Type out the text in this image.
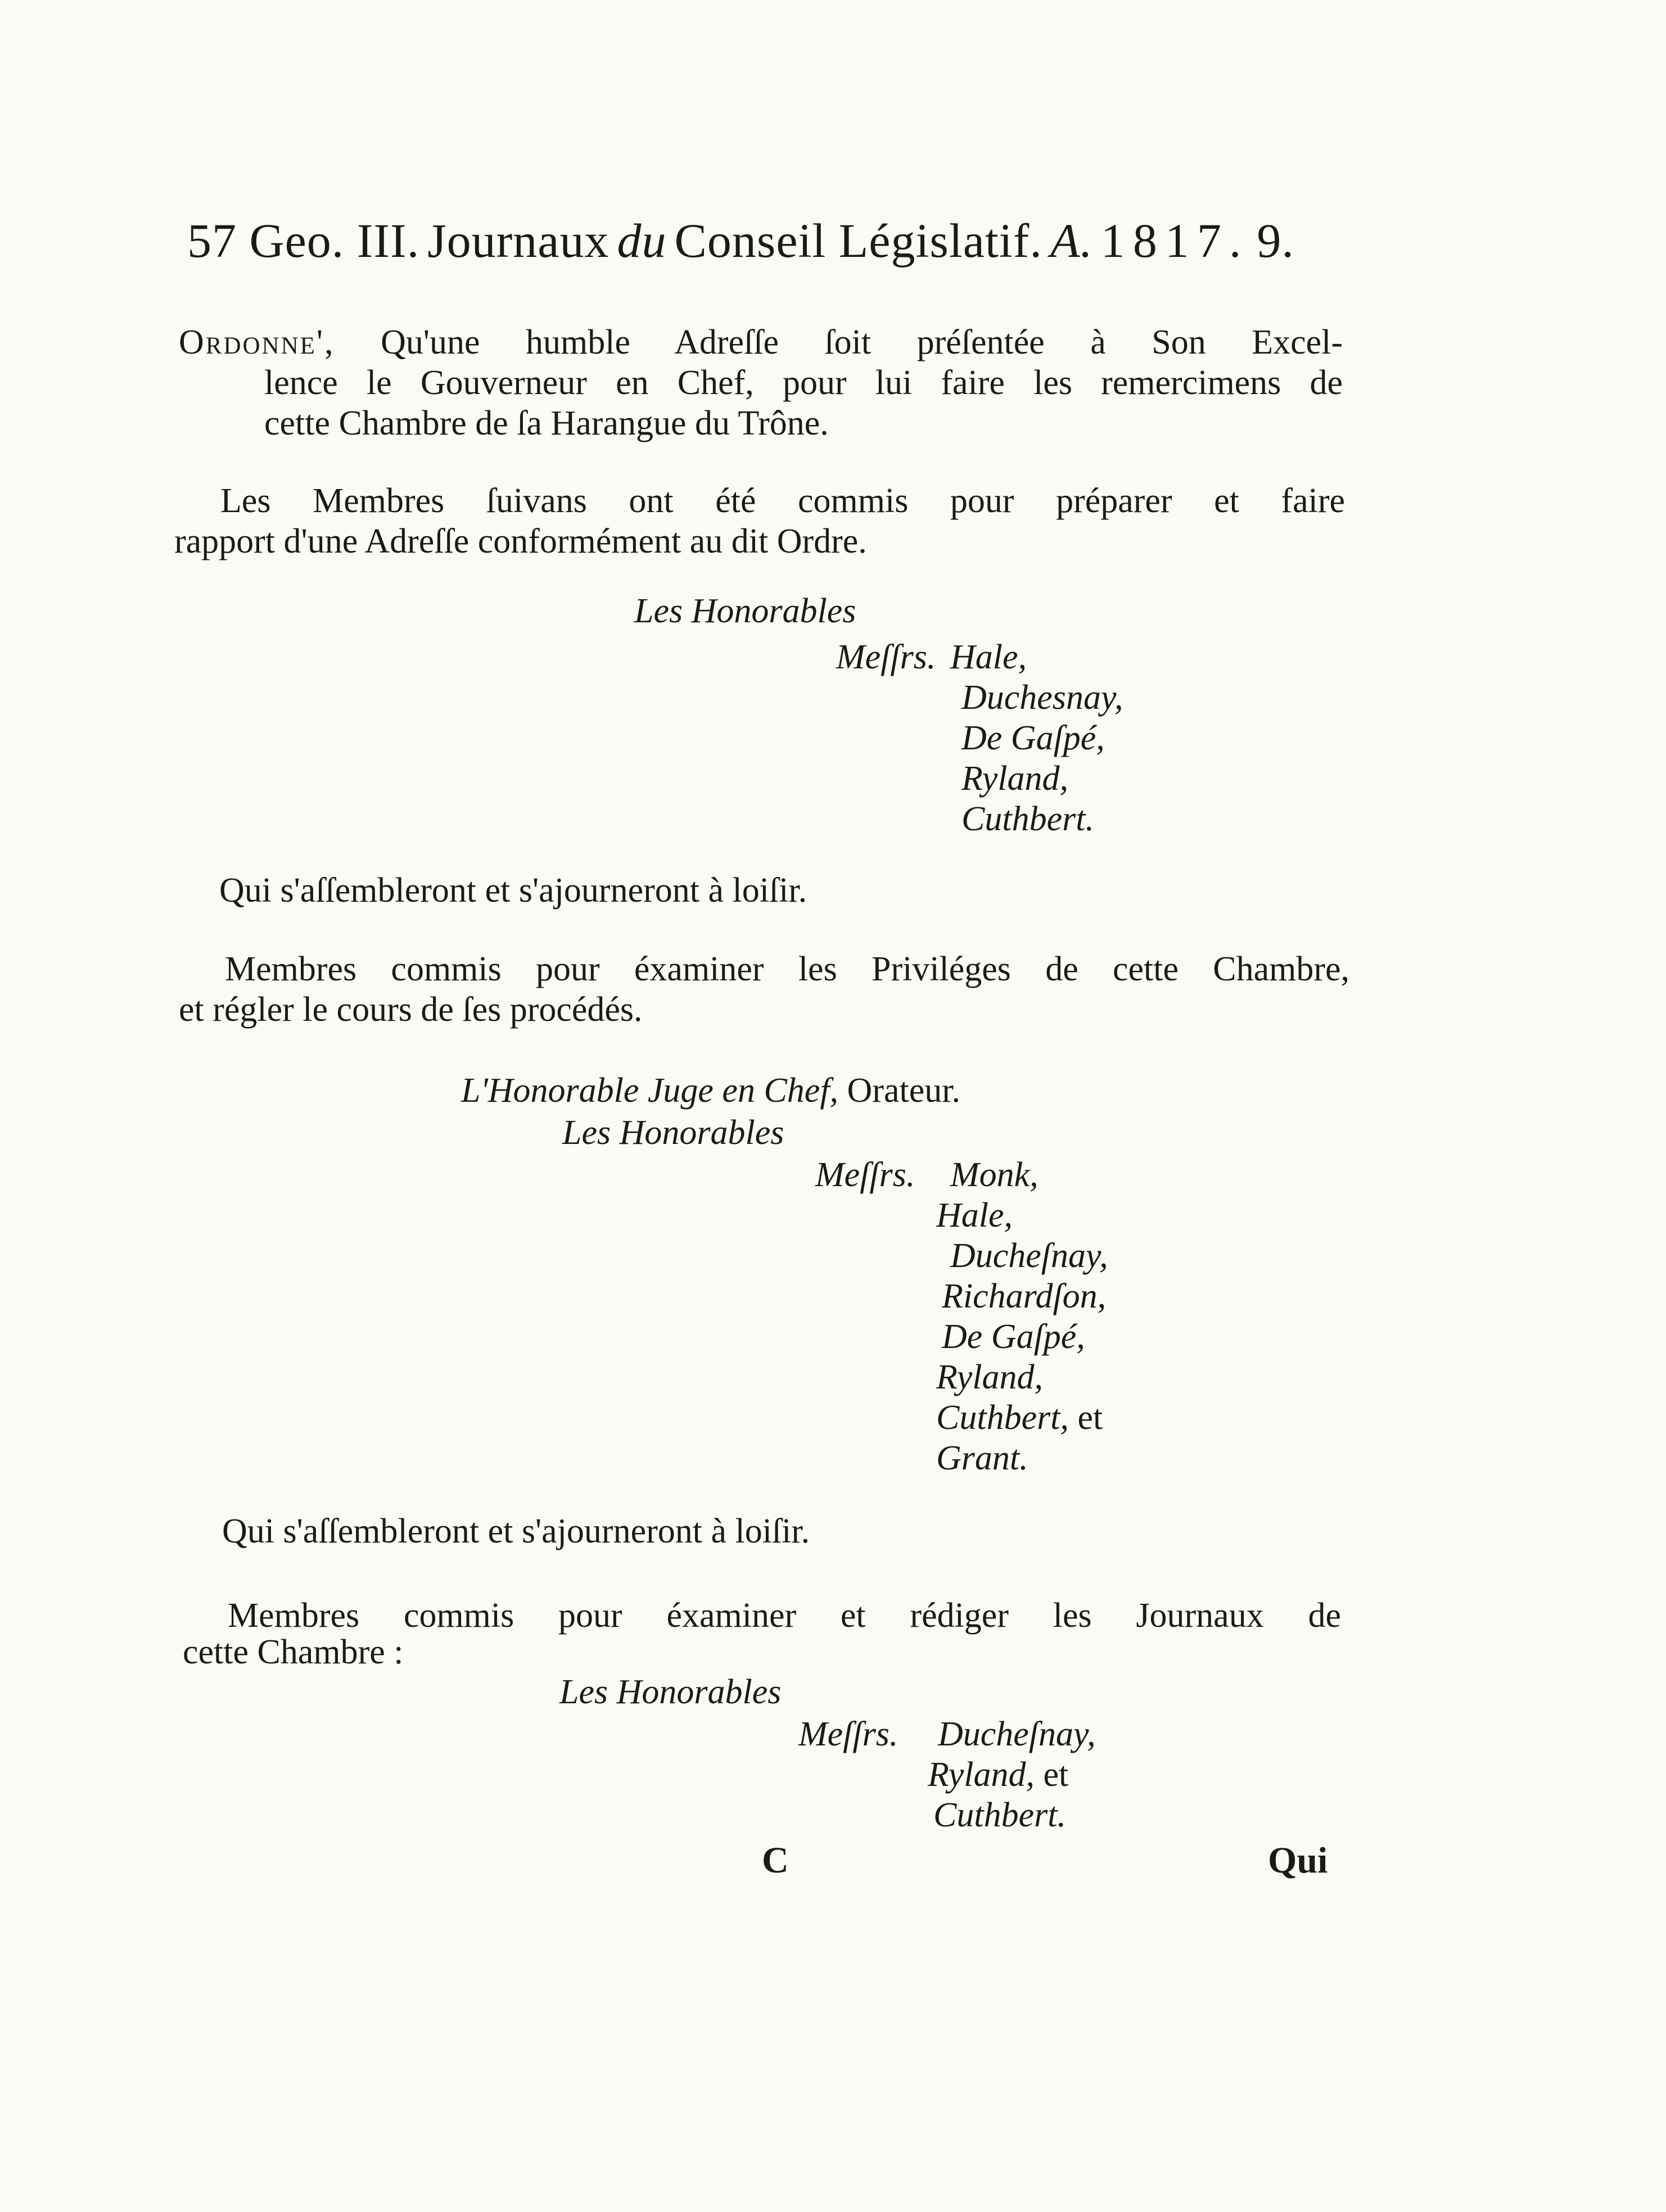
57 Geo. III. Journaux du Conseil Législatif. A. 1817. 9.
Ordonne', Qu'une humble Adreſſe ſoit préſentée à Son Excel-

lence le Gouverneur en Chef, pour lui faire les remercimens de

cette Chambre de ſa Harangue du Trône.

Les Membres ſuivans ont été commis pour préparer et faire

rapport d'une Adreſſe conformément au dit Ordre.

Les Honorables

Meſſrs. Hale,

Duchesnay,

De Gaſpé,

Ryland,

Cuthbert.

Qui s'aſſembleront et s'ajourneront à loiſir.

Membres commis pour éxaminer les Priviléges de cette Chambre,

et régler le cours de ſes procédés.

L'Honorable Juge en Chef, Orateur.

Les Honorables

Meſſrs. Monk,

Hale,

Ducheſnay,

Richardſon,

De Gaſpé,

Ryland,

Cuthbert, et

Grant.

Qui s'aſſembleront et s'ajourneront à loiſir.

Membres commis pour éxaminer et rédiger les Journaux de

cette Chambre :

Les Honorables

Meſſrs. Ducheſnay,

Ryland, et

Cuthbert.

C	Qui
